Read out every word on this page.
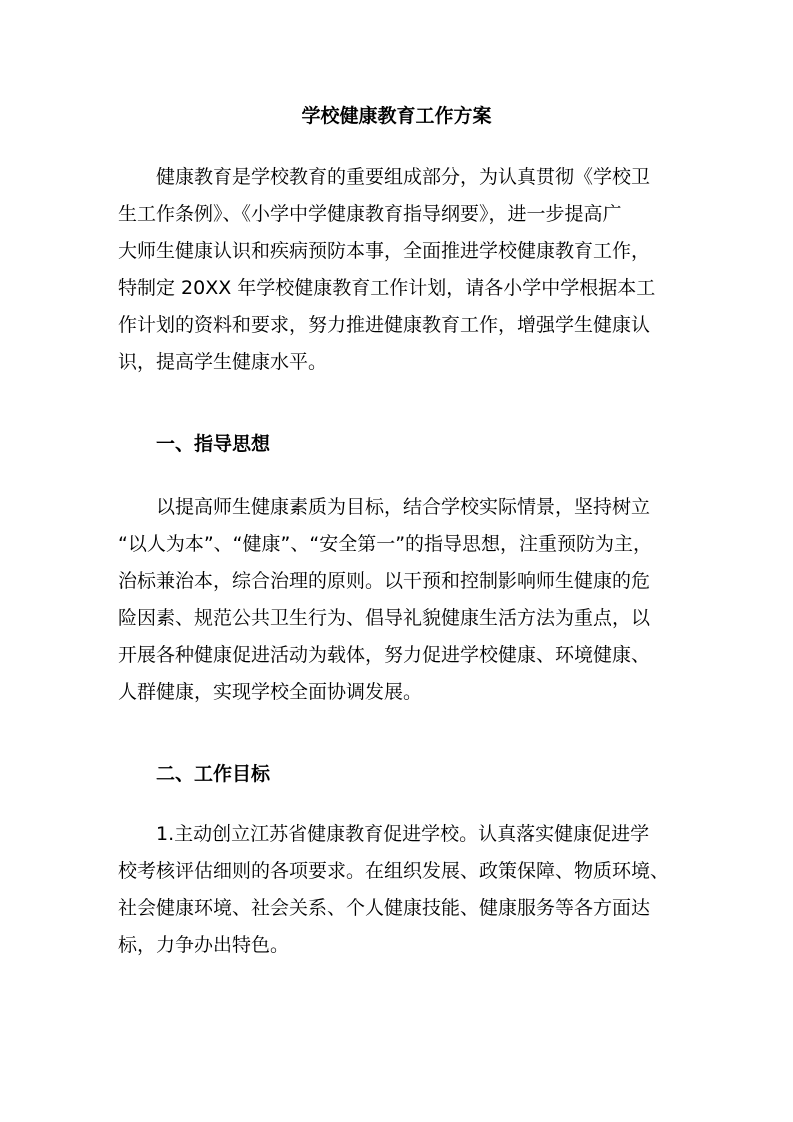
学校健康教育工作方案
健康教育是学校教育的重要组成部分，为认真贯彻《学校卫
生工作条例》、《小学中学健康教育指导纲要》，进一步提高广
大师生健康认识和疾病预防本事，全面推进学校健康教育工作，
特制定 20XX 年学校健康教育工作计划，请各小学中学根据本工
作计划的资料和要求，努力推进健康教育工作，增强学生健康认
识，提高学生健康水平。
一、指导思想
以提高师生健康素质为目标，结合学校实际情景，坚持树立
“以人为本”、“健康”、“安全第一”的指导思想，注重预防为主，
治标兼治本，综合治理的原则。以干预和控制影响师生健康的危
险因素、规范公共卫生行为、倡导礼貌健康生活方法为重点，以
开展各种健康促进活动为载体，努力促进学校健康、环境健康、
人群健康，实现学校全面协调发展。
二、工作目标
1.主动创立江苏省健康教育促进学校。认真落实健康促进学
校考核评估细则的各项要求。在组织发展、政策保障、物质环境、
社会健康环境、社会关系、个人健康技能、健康服务等各方面达
标，力争办出特色。
